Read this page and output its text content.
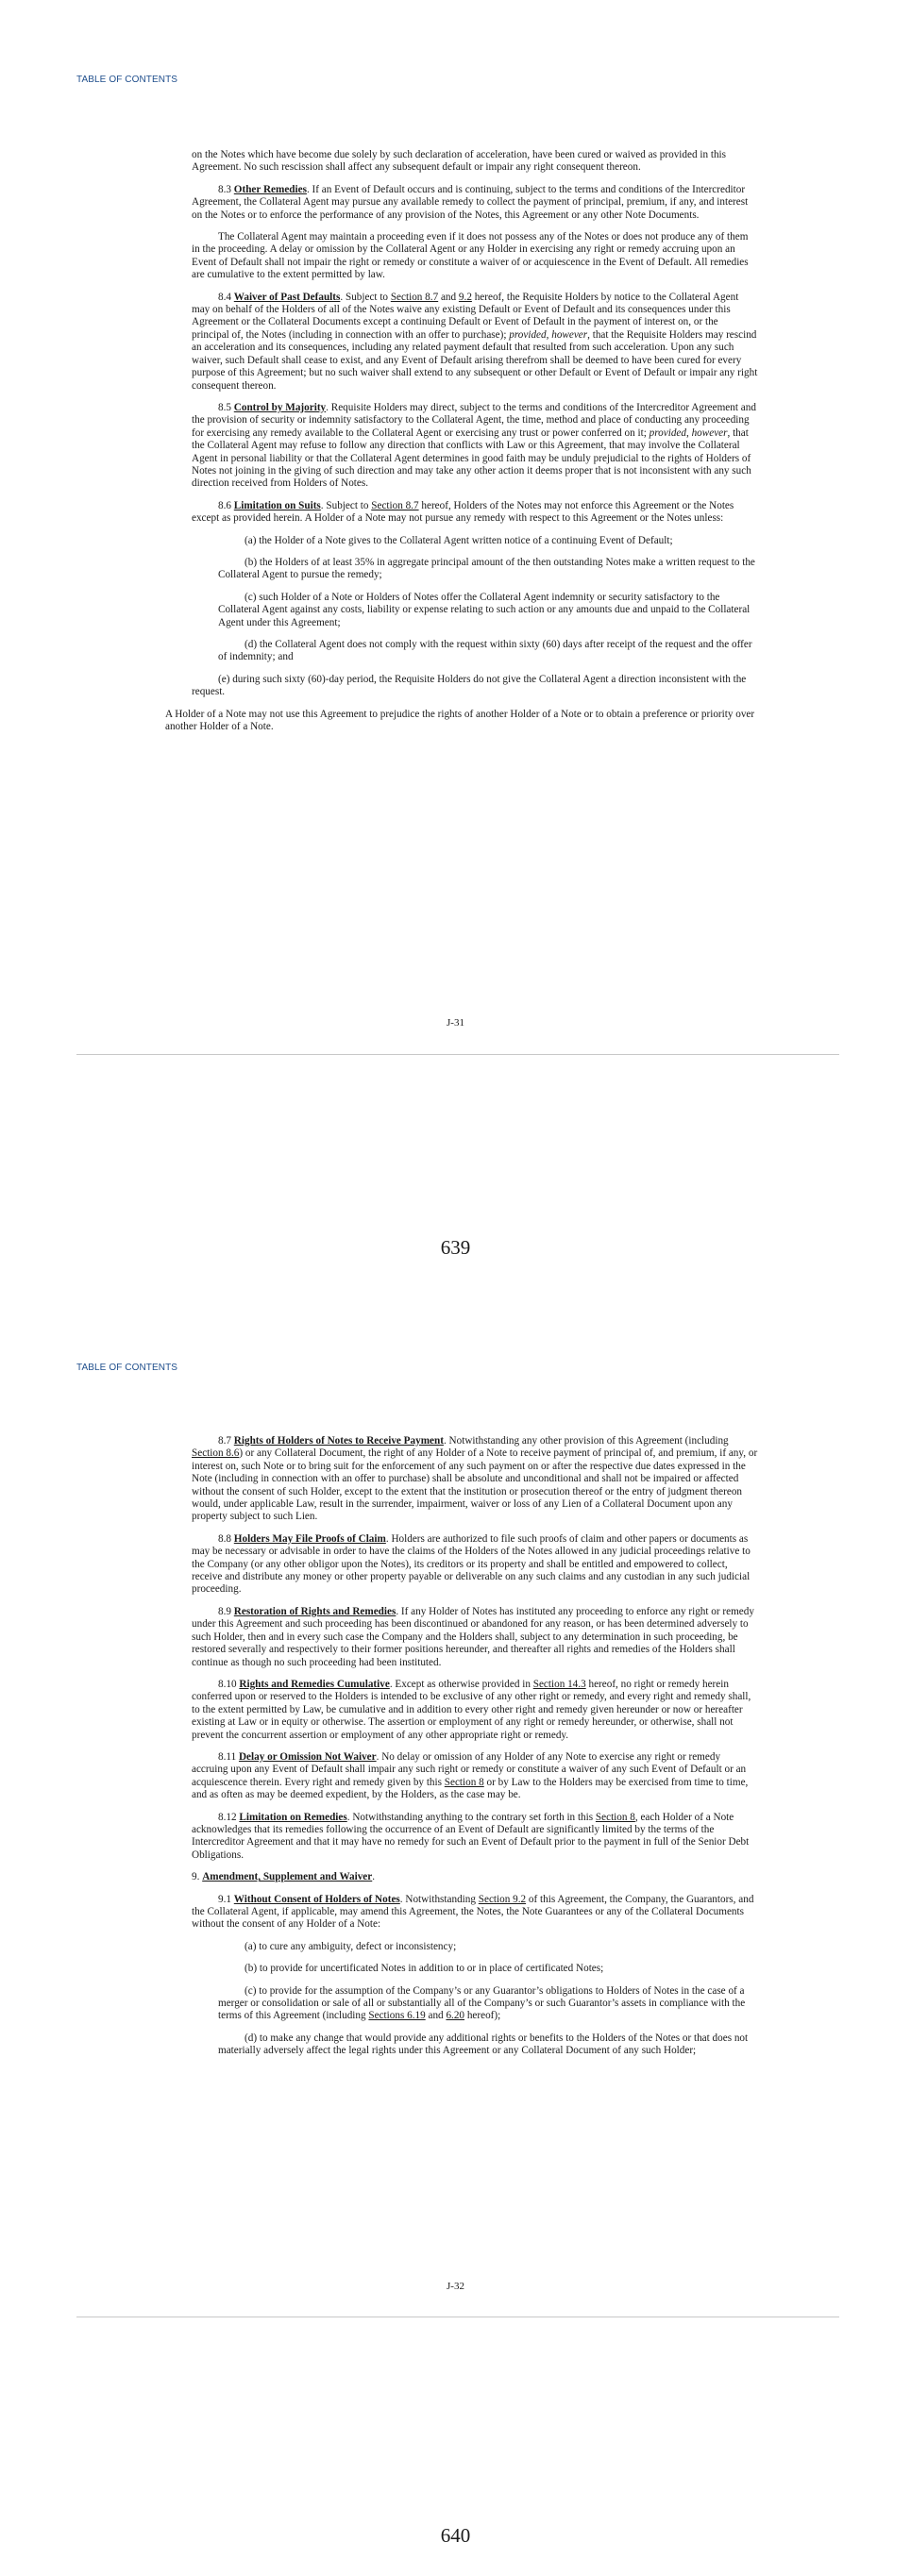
TABLE OF CONTENTS

on the Notes which have become due solely by such declaration of acceleration, have been cured or waived as provided in this Agreement. No such rescission shall affect any subsequent default or impair any right consequent thereon.

8.3 Other Remedies. If an Event of Default occurs and is continuing, subject to the terms and conditions of the Intercreditor Agreement, the Collateral Agent may pursue any available remedy to collect the payment of principal, premium, if any, and interest on the Notes or to enforce the performance of any provision of the Notes, this Agreement or any other Note Documents.

The Collateral Agent may maintain a proceeding even if it does not possess any of the Notes or does not produce any of them in the proceeding. A delay or omission by the Collateral Agent or any Holder in exercising any right or remedy accruing upon an Event of Default shall not impair the right or remedy or constitute a waiver of or acquiescence in the Event of Default. All remedies are cumulative to the extent permitted by law.

8.4 Waiver of Past Defaults. Subject to Section 8.7 and 9.2 hereof, the Requisite Holders by notice to the Collateral Agent may on behalf of the Holders of all of the Notes waive any existing Default or Event of Default and its consequences under this Agreement or the Collateral Documents except a continuing Default or Event of Default in the payment of interest on, or the principal of, the Notes (including in connection with an offer to purchase); provided, however, that the Requisite Holders may rescind an acceleration and its consequences, including any related payment default that resulted from such acceleration. Upon any such waiver, such Default shall cease to exist, and any Event of Default arising therefrom shall be deemed to have been cured for every purpose of this Agreement; but no such waiver shall extend to any subsequent or other Default or Event of Default or impair any right consequent thereon.

8.5 Control by Majority. Requisite Holders may direct, subject to the terms and conditions of the Intercreditor Agreement and the provision of security or indemnity satisfactory to the Collateral Agent, the time, method and place of conducting any proceeding for exercising any remedy available to the Collateral Agent or exercising any trust or power conferred on it; provided, however, that the Collateral Agent may refuse to follow any direction that conflicts with Law or this Agreement, that may involve the Collateral Agent in personal liability or that the Collateral Agent determines in good faith may be unduly prejudicial to the rights of Holders of Notes not joining in the giving of such direction and may take any other action it deems proper that is not inconsistent with any such direction received from Holders of Notes.

8.6 Limitation on Suits. Subject to Section 8.7 hereof, Holders of the Notes may not enforce this Agreement or the Notes except as provided herein. A Holder of a Note may not pursue any remedy with respect to this Agreement or the Notes unless:

(a) the Holder of a Note gives to the Collateral Agent written notice of a continuing Event of Default;

(b) the Holders of at least 35% in aggregate principal amount of the then outstanding Notes make a written request to the Collateral Agent to pursue the remedy;

(c) such Holder of a Note or Holders of Notes offer the Collateral Agent indemnity or security satisfactory to the Collateral Agent against any costs, liability or expense relating to such action or any amounts due and unpaid to the Collateral Agent under this Agreement;

(d) the Collateral Agent does not comply with the request within sixty (60) days after receipt of the request and the offer of indemnity; and

(e) during such sixty (60)-day period, the Requisite Holders do not give the Collateral Agent a direction inconsistent with the request.

A Holder of a Note may not use this Agreement to prejudice the rights of another Holder of a Note or to obtain a preference or priority over another Holder of a Note.

J-31
639
TABLE OF CONTENTS

8.7 Rights of Holders of Notes to Receive Payment. Notwithstanding any other provision of this Agreement (including Section 8.6) or any Collateral Document, the right of any Holder of a Note to receive payment of principal of, and premium, if any, or interest on, such Note or to bring suit for the enforcement of any such payment on or after the respective due dates expressed in the Note (including in connection with an offer to purchase) shall be absolute and unconditional and shall not be impaired or affected without the consent of such Holder, except to the extent that the institution or prosecution thereof or the entry of judgment thereon would, under applicable Law, result in the surrender, impairment, waiver or loss of any Lien of a Collateral Document upon any property subject to such Lien.

8.8 Holders May File Proofs of Claim. Holders are authorized to file such proofs of claim and other papers or documents as may be necessary or advisable in order to have the claims of the Holders of the Notes allowed in any judicial proceedings relative to the Company (or any other obligor upon the Notes), its creditors or its property and shall be entitled and empowered to collect, receive and distribute any money or other property payable or deliverable on any such claims and any custodian in any such judicial proceeding.

8.9 Restoration of Rights and Remedies. If any Holder of Notes has instituted any proceeding to enforce any right or remedy under this Agreement and such proceeding has been discontinued or abandoned for any reason, or has been determined adversely to such Holder, then and in every such case the Company and the Holders shall, subject to any determination in such proceeding, be restored severally and respectively to their former positions hereunder, and thereafter all rights and remedies of the Holders shall continue as though no such proceeding had been instituted.

8.10 Rights and Remedies Cumulative. Except as otherwise provided in Section 14.3 hereof, no right or remedy herein conferred upon or reserved to the Holders is intended to be exclusive of any other right or remedy, and every right and remedy shall, to the extent permitted by Law, be cumulative and in addition to every other right and remedy given hereunder or now or hereafter existing at Law or in equity or otherwise. The assertion or employment of any right or remedy hereunder, or otherwise, shall not prevent the concurrent assertion or employment of any other appropriate right or remedy.

8.11 Delay or Omission Not Waiver. No delay or omission of any Holder of any Note to exercise any right or remedy accruing upon any Event of Default shall impair any such right or remedy or constitute a waiver of any such Event of Default or an acquiescence therein. Every right and remedy given by this Section 8 or by Law to the Holders may be exercised from time to time, and as often as may be deemed expedient, by the Holders, as the case may be.

8.12 Limitation on Remedies. Notwithstanding anything to the contrary set forth in this Section 8, each Holder of a Note acknowledges that its remedies following the occurrence of an Event of Default are significantly limited by the terms of the Intercreditor Agreement and that it may have no remedy for such an Event of Default prior to the payment in full of the Senior Debt Obligations.

9. Amendment, Supplement and Waiver.

9.1 Without Consent of Holders of Notes. Notwithstanding Section 9.2 of this Agreement, the Company, the Guarantors, and the Collateral Agent, if applicable, may amend this Agreement, the Notes, the Note Guarantees or any of the Collateral Documents without the consent of any Holder of a Note:

(a) to cure any ambiguity, defect or inconsistency;

(b) to provide for uncertificated Notes in addition to or in place of certificated Notes;

(c) to provide for the assumption of the Company’s or any Guarantor’s obligations to Holders of Notes in the case of a merger or consolidation or sale of all or substantially all of the Company’s or such Guarantor’s assets in compliance with the terms of this Agreement (including Sections 6.19 and 6.20 hereof);

(d) to make any change that would provide any additional rights or benefits to the Holders of the Notes or that does not materially adversely affect the legal rights under this Agreement or any Collateral Document of any such Holder;

J-32
640
